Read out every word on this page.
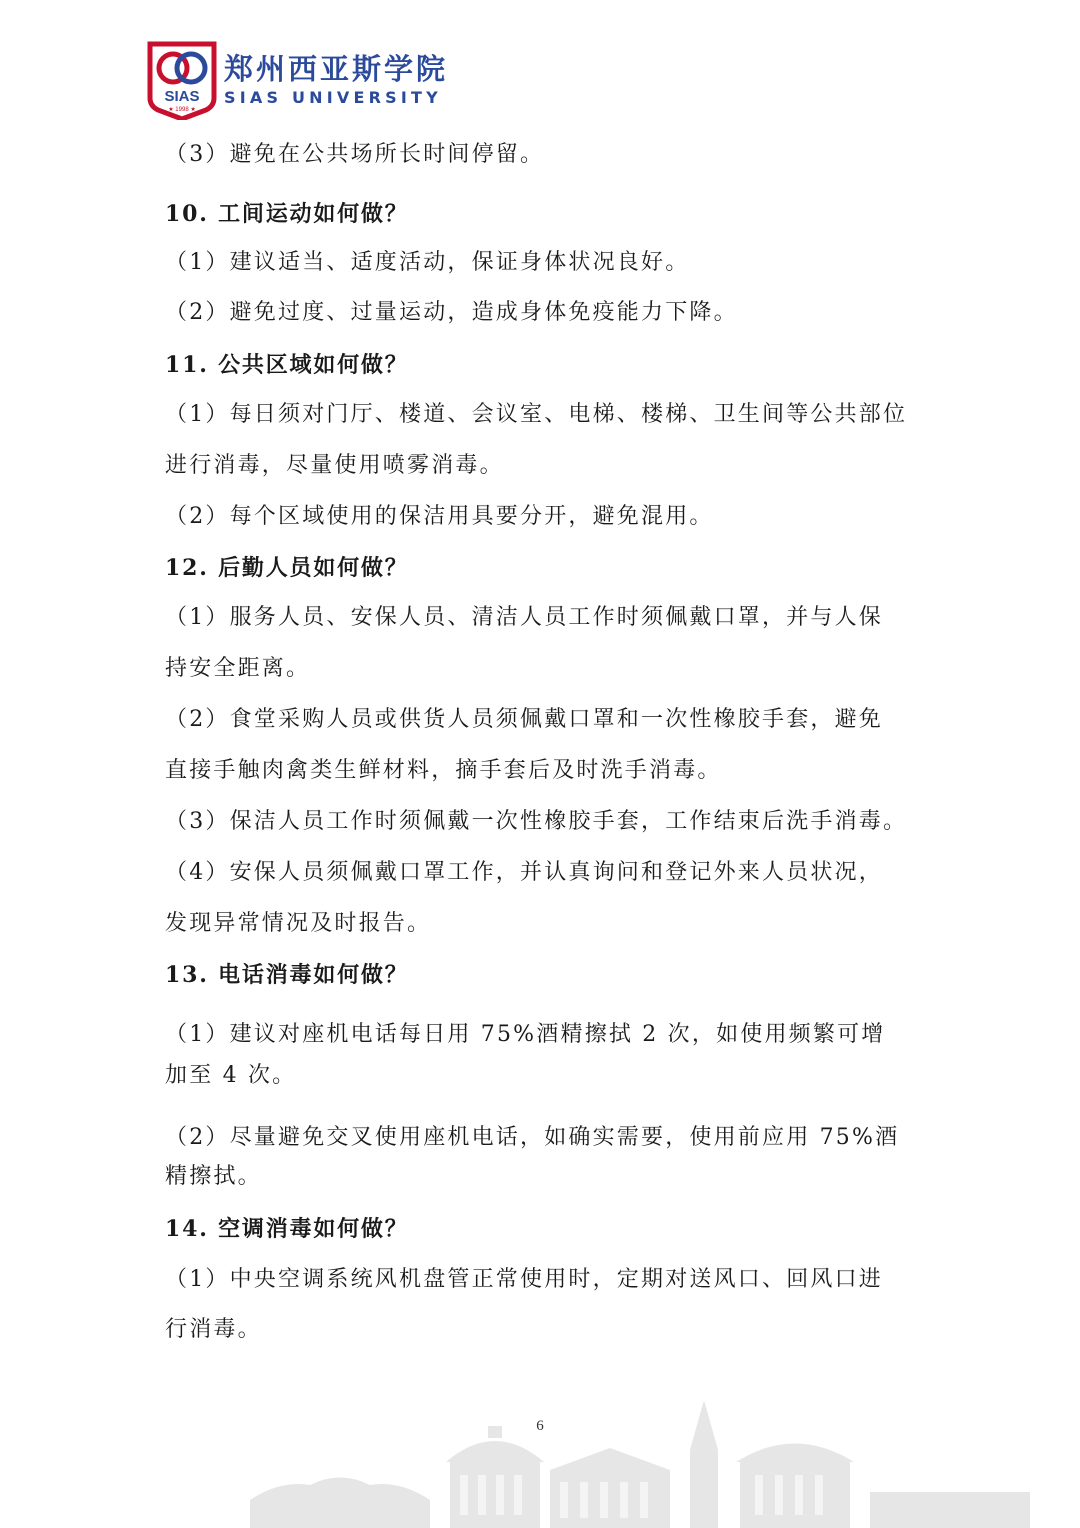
SIAS
★ 1998 ★
郑州西亚斯学院
SIAS UNIVERSITY
（3）避免在公共场所长时间停留。
10. 工间运动如何做？
（1）建议适当、适度活动，保证身体状况良好。
（2）避免过度、过量运动，造成身体免疫能力下降。
11. 公共区域如何做？
（1）每日须对门厅、楼道、会议室、电梯、楼梯、卫生间等公共部位
进行消毒，尽量使用喷雾消毒。
（2）每个区域使用的保洁用具要分开，避免混用。
12. 后勤人员如何做？
（1）服务人员、安保人员、清洁人员工作时须佩戴口罩，并与人保
持安全距离。
（2）食堂采购人员或供货人员须佩戴口罩和一次性橡胶手套，避免
直接手触肉禽类生鲜材料，摘手套后及时洗手消毒。
（3）保洁人员工作时须佩戴一次性橡胶手套，工作结束后洗手消毒。
（4）安保人员须佩戴口罩工作，并认真询问和登记外来人员状况，
发现异常情况及时报告。
13. 电话消毒如何做？
（1）建议对座机电话每日用 75%酒精擦拭 2 次，如使用频繁可增
加至 4 次。
（2）尽量避免交叉使用座机电话，如确实需要，使用前应用 75%酒
精擦拭。
14. 空调消毒如何做？
（1）中央空调系统风机盘管正常使用时，定期对送风口、回风口进
行消毒。
6
